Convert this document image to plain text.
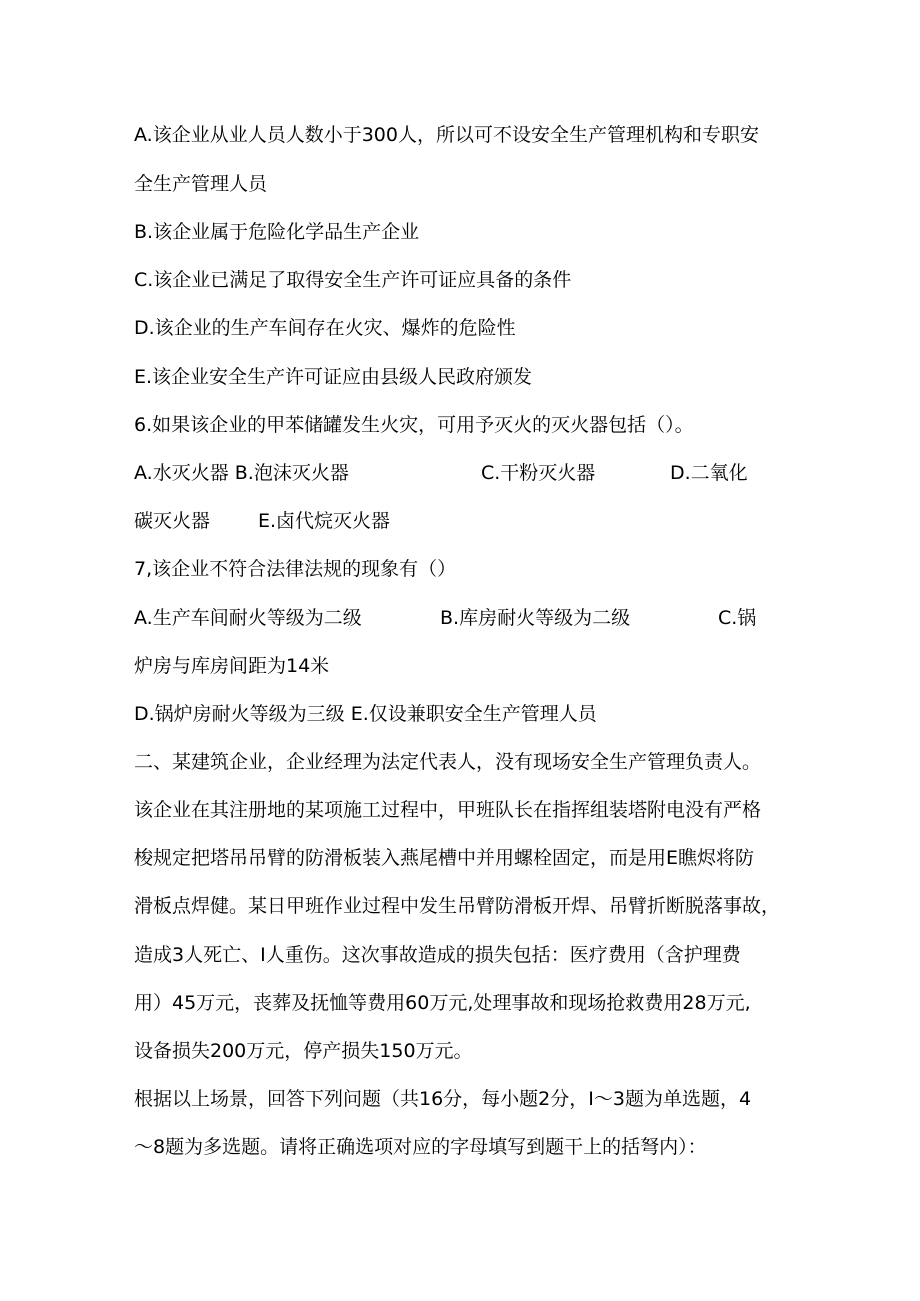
A.该企业从业人员人数小于300人，所以可不设安全生产管理机构和专职安
全生产管理人员
B.该企业属于危险化学品生产企业
C.该企业已满足了取得安全生产许可证应具备的条件
D.该企业的生产车间存在火灾、爆炸的危险性
E.该企业安全生产许可证应由县级人民政府颁发
6.如果该企业的甲苯储罐发生火灾，可用予灭火的灭火器包括（）。
A.水灭火器 B.泡沫灭火器	C.干粉灭火器	D.二氧化
碳灭火器	E.卤代烷灭火器
7,该企业不符合法律法规的现象有（）
A.生产车间耐火等级为二级	B.库房耐火等级为二级	C.锅
炉房与库房间距为14米
D.锅炉房耐火等级为三级 E.仅设兼职安全生产管理人员
二、某建筑企业，企业经理为法定代表人，没有现场安全生产管理负责人。
该企业在其注册地的某项施工过程中，甲班队长在指挥组装塔附电没有严格
梭规定把塔吊吊臂的防滑板装入燕尾槽中并用螺栓固定，而是用E瞧烬将防
滑板点焊健。某日甲班作业过程中发生吊臂防滑板开焊、吊臂折断脱落事故，
造成3人死亡、I人重伤。这次事故造成的损失包括：医疗费用（含护理费
用）45万元，丧葬及抚恤等费用60万元,处理事故和现场抢救费用28万元,
设备损失200万元，停产损失150万元。
根据以上场景，回答下列问题（共16分，每小题2分，I～3题为单选题，4
～8题为多选题。请将正确选项对应的字母填写到题干上的括弩内）：
